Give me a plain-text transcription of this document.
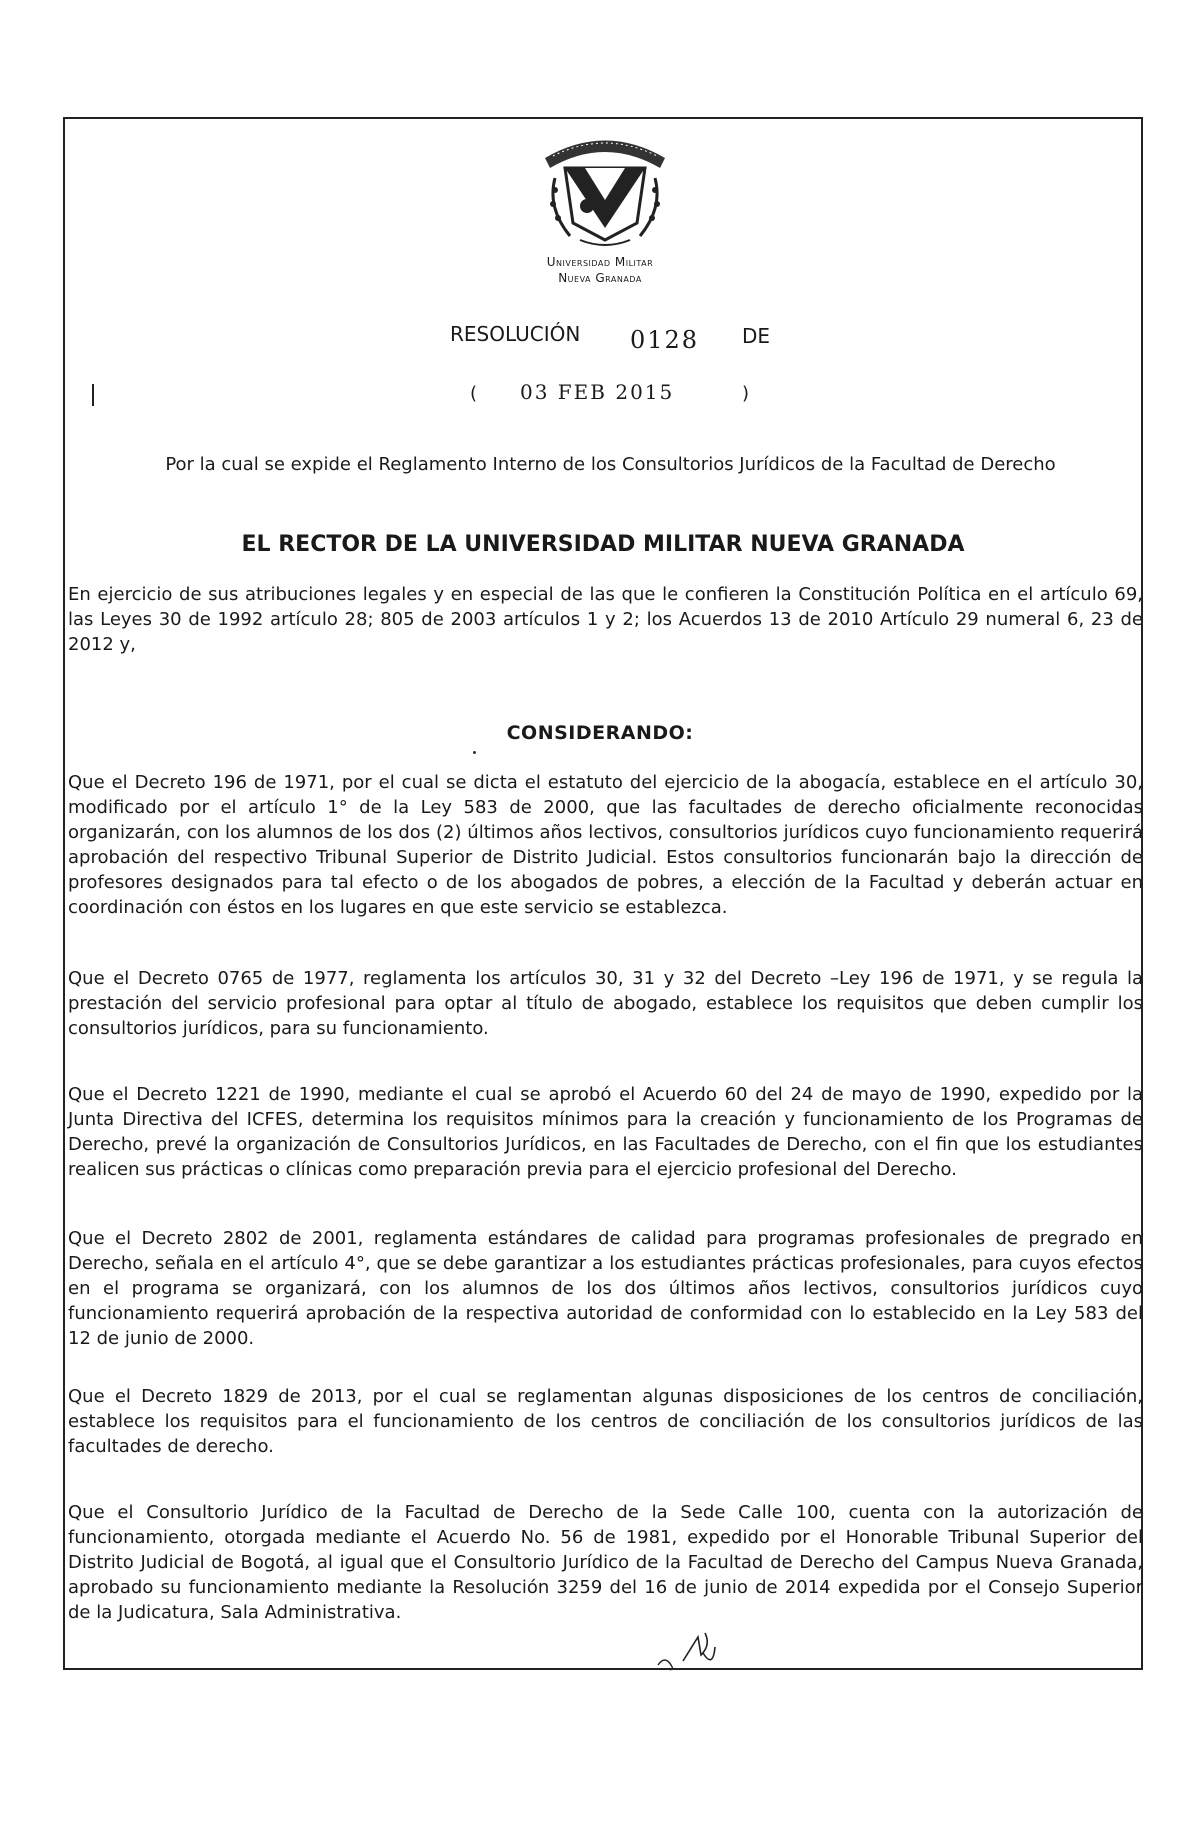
Universidad Militar
Nueva Granada
RESOLUCIÓN 0128 DE
( 03 FEB 2015	)
Por la cual se expide el Reglamento Interno de los Consultorios Jurídicos de la Facultad de Derecho
EL RECTOR DE LA UNIVERSIDAD MILITAR NUEVA GRANADA
En ejercicio de sus atribuciones legales y en especial de las que le confieren la Constitución Política en el artículo 69, las Leyes 30 de 1992 artículo 28; 805 de 2003 artículos 1 y 2; los Acuerdos 13 de 2010 Artículo 29 numeral 6, 23 de 2012 y,
CONSIDERANDO:
Que el Decreto 196 de 1971, por el cual se dicta el estatuto del ejercicio de la abogacía, establece en el artículo 30, modificado por el artículo 1° de la Ley 583 de 2000, que las facultades de derecho oficialmente reconocidas organizarán, con los alumnos de los dos (2) últimos años lectivos, consultorios jurídicos cuyo funcionamiento requerirá aprobación del respectivo Tribunal Superior de Distrito Judicial. Estos consultorios funcionarán bajo la dirección de profesores designados para tal efecto o de los abogados de pobres, a elección de la Facultad y deberán actuar en coordinación con éstos en los lugares en que este servicio se establezca.
Que el Decreto 0765 de 1977, reglamenta los artículos 30, 31 y 32 del Decreto –Ley 196 de 1971, y se regula la prestación del servicio profesional para optar al título de abogado, establece los requisitos que deben cumplir los consultorios jurídicos, para su funcionamiento.
Que el Decreto 1221 de 1990, mediante el cual se aprobó el Acuerdo 60 del 24 de mayo de 1990, expedido por la Junta Directiva del ICFES, determina los requisitos mínimos para la creación y funcionamiento de los Programas de Derecho, prevé la organización de Consultorios Jurídicos, en las Facultades de Derecho, con el fin que los estudiantes realicen sus prácticas o clínicas como preparación previa para el ejercicio profesional del Derecho.
Que el Decreto 2802 de 2001, reglamenta estándares de calidad para programas profesionales de pregrado en Derecho, señala en el artículo 4°, que se debe garantizar a los estudiantes prácticas profesionales, para cuyos efectos en el programa se organizará, con los alumnos de los dos últimos años lectivos, consultorios jurídicos cuyo funcionamiento requerirá aprobación de la respectiva autoridad de conformidad con lo establecido en la Ley 583 del 12 de junio de 2000.
Que el Decreto 1829 de 2013, por el cual se reglamentan algunas disposiciones de los centros de conciliación, establece los requisitos para el funcionamiento de los centros de conciliación de los consultorios jurídicos de las facultades de derecho.
Que el Consultorio Jurídico de la Facultad de Derecho de la Sede Calle 100, cuenta con la autorización de funcionamiento, otorgada mediante el Acuerdo No. 56 de 1981, expedido por el Honorable Tribunal Superior del Distrito Judicial de Bogotá, al igual que el Consultorio Jurídico de la Facultad de Derecho del Campus Nueva Granada, aprobado su funcionamiento mediante la Resolución 3259 del 16 de junio de 2014 expedida por el Consejo Superior de la Judicatura, Sala Administrativa.
